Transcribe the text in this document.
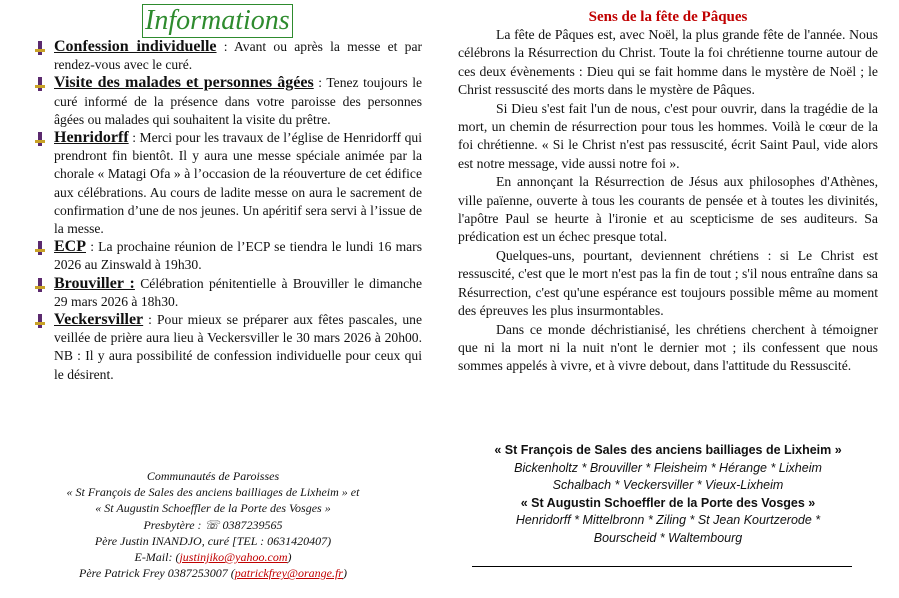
Informations
Confession individuelle : Avant ou après la messe et par rendez-vous avec le curé.
Visite des malades et personnes âgées : Tenez toujours le curé informé de la présence dans votre paroisse des personnes âgées ou malades qui souhaitent la visite du prêtre.
Henridorff : Merci pour les travaux de l’église de Henridorff qui prendront fin bientôt. Il y aura une messe spéciale animée par la chorale « Matagi Ofa » à l’occasion de la réouverture de cet édifice aux célébrations. Au cours de ladite messe on aura le sacrement de confirmation d’une de nos jeunes. Un apéritif sera servi à l’issue de la messe.
ECP : La prochaine réunion de l’ECP se tiendra le lundi 16 mars 2026 au Zinswald à 19h30.
Brouviller : Célébration pénitentielle à Brouviller le dimanche 29 mars 2026 à 18h30.
Veckersviller : Pour mieux se préparer aux fêtes pascales, une veillée de prière aura lieu à Veckersviller le 30 mars 2026 à 20h00. NB : Il y aura possibilité de confession individuelle pour ceux qui le désirent.
Communautés de Paroisses
« St François de Sales des anciens bailliages de Lixheim » et
« St Augustin Schoeffler de la Porte des Vosges »
Presbytère : ☏ 0387239565
Père Justin INANDJO, curé [TEL : 0631420407)
E-Mail: (justinjiko@yahoo.com)
Père Patrick Frey 0387253007 (patrickfrey@orange.fr)

Sens de la fête de Pâques

La fête de Pâques est, avec Noël, la plus grande fête de l'année. Nous célébrons la Résurrection du Christ. Toute la foi chrétienne tourne autour de ces deux évènements : Dieu qui se fait homme dans le mystère de Noël ; le Christ ressuscité des morts dans le mystère de Pâques.

Si Dieu s'est fait l'un de nous, c'est pour ouvrir, dans la tragédie de la mort, un chemin de résurrection pour tous les hommes. Voilà le cœur de la foi chrétienne. « Si le Christ n'est pas ressuscité, écrit Saint Paul, vide alors est notre message, vide aussi notre foi ».

En annonçant la Résurrection de Jésus aux philosophes d'Athènes, ville païenne, ouverte à tous les courants de pensée et à toutes les divinités, l'apôtre Paul se heurte à l'ironie et au scepticisme de ses auditeurs. Sa prédication est un échec presque total.

Quelques-uns, pourtant, deviennent chrétiens : si Le Christ est ressuscité, c'est que le mort n'est pas la fin de tout ; s'il nous entraîne dans sa Résurrection, c'est qu'une espérance est toujours possible même au moment des épreuves les plus insurmontables.

Dans ce monde déchristianisé, les chrétiens cherchent à témoigner que ni la mort ni la nuit n'ont le dernier mot ; ils confessent que nous sommes appelés à vivre, et à vivre debout, dans l'attitude du Ressuscité.

« St François de Sales des anciens bailliages de Lixheim »
Bickenholtz * Brouviller * Fleisheim * Hérange * Lixheim
Schalbach * Veckersviller * Vieux-Lixheim
« St Augustin Schoeffler de la Porte des Vosges »
Henridorff * Mittelbronn * Ziling * St Jean Kourtzerode *
Bourscheid * Waltembourg
